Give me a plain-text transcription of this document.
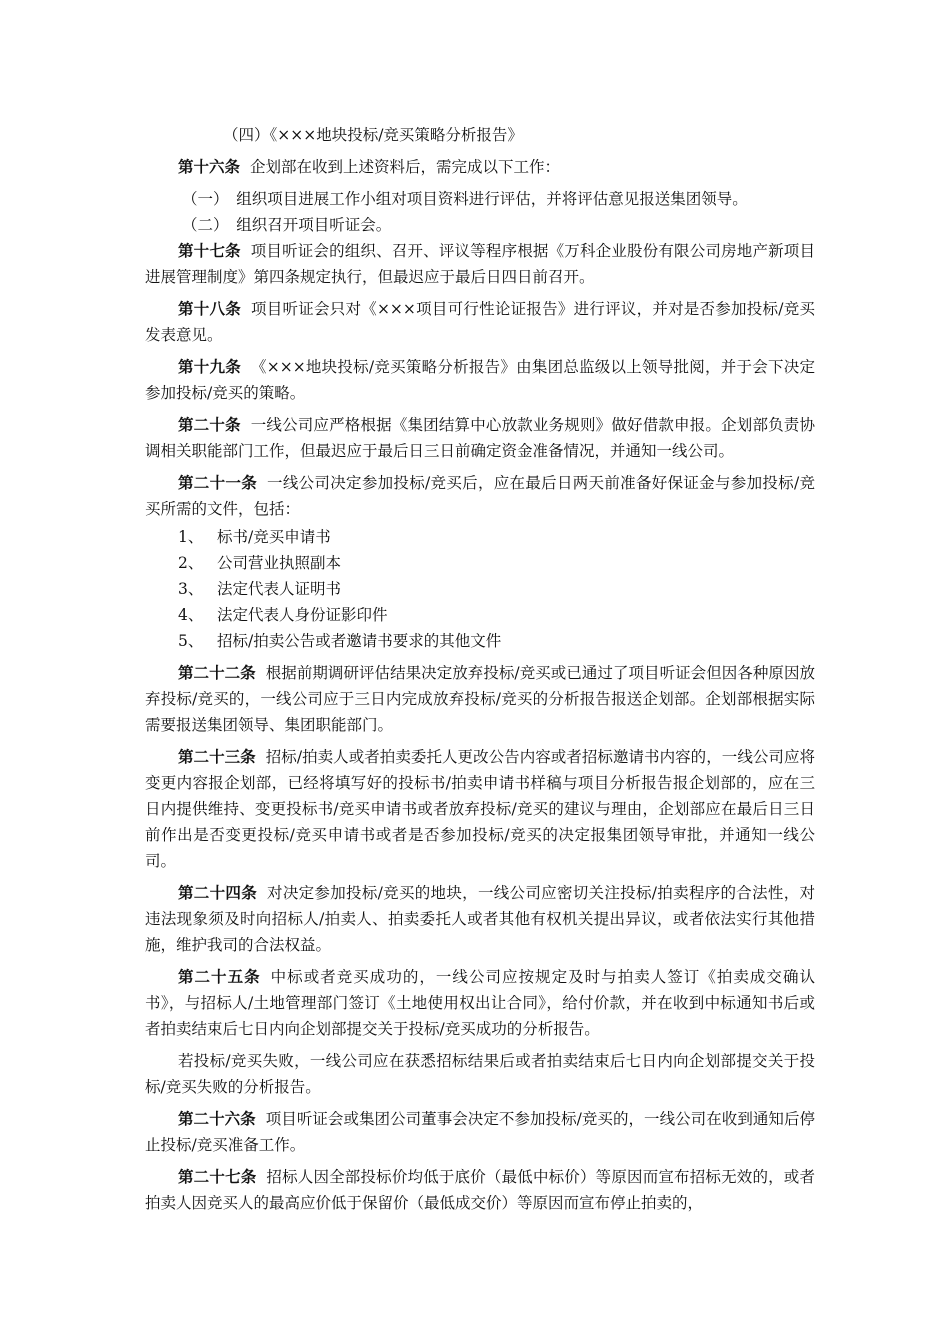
（四）《×××地块投标/竞买策略分析报告》
第十六条 企划部在收到上述资料后，需完成以下工作：
（一）　组织项目进展工作小组对项目资料进行评估，并将评估意见报送集团领导。
（二）　组织召开项目听证会。
第十七条 项目听证会的组织、召开、评议等程序根据《万科企业股份有限公司房地产新项目进展管理制度》第四条规定执行，但最迟应于最后日四日前召开。
第十八条 项目听证会只对《×××项目可行性论证报告》进行评议，并对是否参加投标/竞买发表意见。
第十九条 《×××地块投标/竞买策略分析报告》由集团总监级以上领导批阅，并于会下决定参加投标/竞买的策略。
第二十条 一线公司应严格根据《集团结算中心放款业务规则》做好借款申报。企划部负责协调相关职能部门工作，但最迟应于最后日三日前确定资金准备情况，并通知一线公司。
第二十一条 一线公司决定参加投标/竞买后，应在最后日两天前准备好保证金与参加投标/竞买所需的文件，包括：
1、 标书/竞买申请书
2、 公司营业执照副本
3、 法定代表人证明书
4、 法定代表人身份证影印件
5、 招标/拍卖公告或者邀请书要求的其他文件
第二十二条 根据前期调研评估结果决定放弃投标/竞买或已通过了项目听证会但因各种原因放弃投标/竞买的，一线公司应于三日内完成放弃投标/竞买的分析报告报送企划部。企划部根据实际需要报送集团领导、集团职能部门。
第二十三条 招标/拍卖人或者拍卖委托人更改公告内容或者招标邀请书内容的，一线公司应将变更内容报企划部，已经将填写好的投标书/拍卖申请书样稿与项目分析报告报企划部的，应在三日内提供维持、变更投标书/竞买申请书或者放弃投标/竞买的建议与理由，企划部应在最后日三日前作出是否变更投标/竞买申请书或者是否参加投标/竞买的决定报集团领导审批，并通知一线公司。
第二十四条 对决定参加投标/竞买的地块，一线公司应密切关注投标/拍卖程序的合法性，对违法现象须及时向招标人/拍卖人、拍卖委托人或者其他有权机关提出异议，或者依法实行其他措施，维护我司的合法权益。
第二十五条 中标或者竞买成功的，一线公司应按规定及时与拍卖人签订《拍卖成交确认书》，与招标人/土地管理部门签订《土地使用权出让合同》，给付价款，并在收到中标通知书后或者拍卖结束后七日内向企划部提交关于投标/竞买成功的分析报告。
若投标/竞买失败，一线公司应在获悉招标结果后或者拍卖结束后七日内向企划部提交关于投标/竞买失败的分析报告。
第二十六条 项目听证会或集团公司董事会决定不参加投标/竞买的，一线公司在收到通知后停止投标/竞买准备工作。
第二十七条 招标人因全部投标价均低于底价（最低中标价）等原因而宣布招标无效的，或者拍卖人因竞买人的最高应价低于保留价（最低成交价）等原因而宣布停止拍卖的，
